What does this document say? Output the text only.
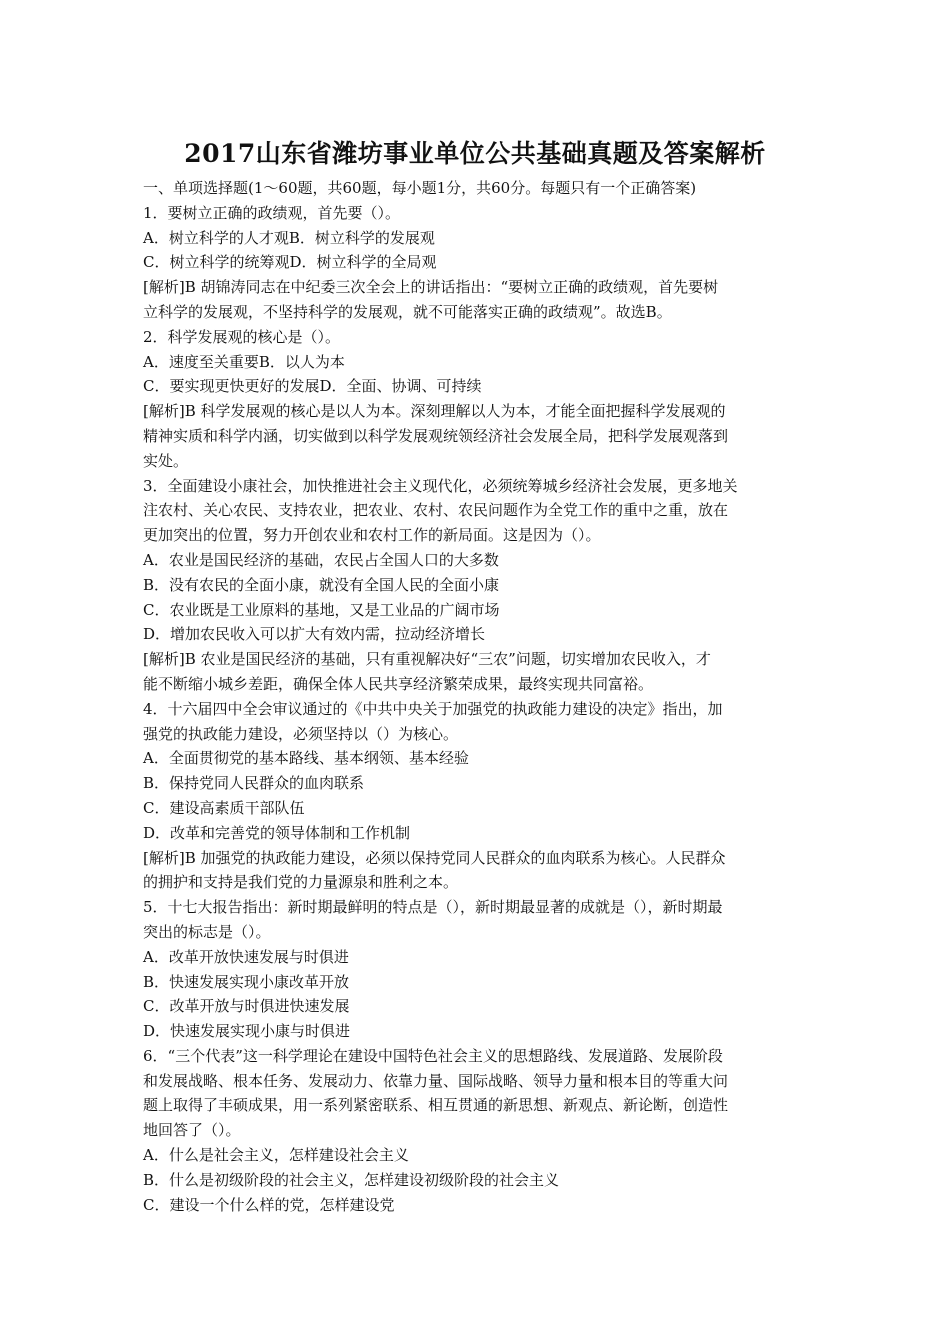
2017山东省潍坊事业单位公共基础真题及答案解析
一、单项选择题(1～60题，共60题，每小题1分，共60分。每题只有一个正确答案)
1．要树立正确的政绩观，首先要（）。
A．树立科学的人才观B．树立科学的发展观
C．树立科学的统筹观D．树立科学的全局观
[解析]B 胡锦涛同志在中纪委三次全会上的讲话指出：“要树立正确的政绩观，首先要树
立科学的发展观，不坚持科学的发展观，就不可能落实正确的政绩观”。故选B。
2．科学发展观的核心是（）。
A．速度至关重要B．以人为本
C．要实现更快更好的发展D．全面、协调、可持续
[解析]B 科学发展观的核心是以人为本。深刻理解以人为本，才能全面把握科学发展观的
精神实质和科学内涵，切实做到以科学发展观统领经济社会发展全局，把科学发展观落到
实处。
3．全面建设小康社会，加快推进社会主义现代化，必须统筹城乡经济社会发展，更多地关
注农村、关心农民、支持农业，把农业、农村、农民问题作为全党工作的重中之重，放在
更加突出的位置，努力开创农业和农村工作的新局面。这是因为（）。
A．农业是国民经济的基础，农民占全国人口的大多数
B．没有农民的全面小康，就没有全国人民的全面小康
C．农业既是工业原料的基地，又是工业品的广阔市场
D．增加农民收入可以扩大有效内需，拉动经济增长
[解析]B 农业是国民经济的基础，只有重视解决好“三农”问题，切实增加农民收入，才
能不断缩小城乡差距，确保全体人民共享经济繁荣成果，最终实现共同富裕。
4．十六届四中全会审议通过的《中共中央关于加强党的执政能力建设的决定》指出，加
强党的执政能力建设，必须坚持以（）为核心。
A．全面贯彻党的基本路线、基本纲领、基本经验
B．保持党同人民群众的血肉联系
C．建设高素质干部队伍
D．改革和完善党的领导体制和工作机制
[解析]B 加强党的执政能力建设，必须以保持党同人民群众的血肉联系为核心。人民群众
的拥护和支持是我们党的力量源泉和胜利之本。
5．十七大报告指出：新时期最鲜明的特点是（），新时期最显著的成就是（），新时期最
突出的标志是（）。
A．改革开放快速发展与时俱进
B．快速发展实现小康改革开放
C．改革开放与时俱进快速发展
D．快速发展实现小康与时俱进
6．“三个代表”这一科学理论在建设中国特色社会主义的思想路线、发展道路、发展阶段
和发展战略、根本任务、发展动力、依靠力量、国际战略、领导力量和根本目的等重大问
题上取得了丰硕成果，用一系列紧密联系、相互贯通的新思想、新观点、新论断，创造性
地回答了（）。
A．什么是社会主义，怎样建设社会主义
B．什么是初级阶段的社会主义，怎样建设初级阶段的社会主义
C．建设一个什么样的党，怎样建设党
